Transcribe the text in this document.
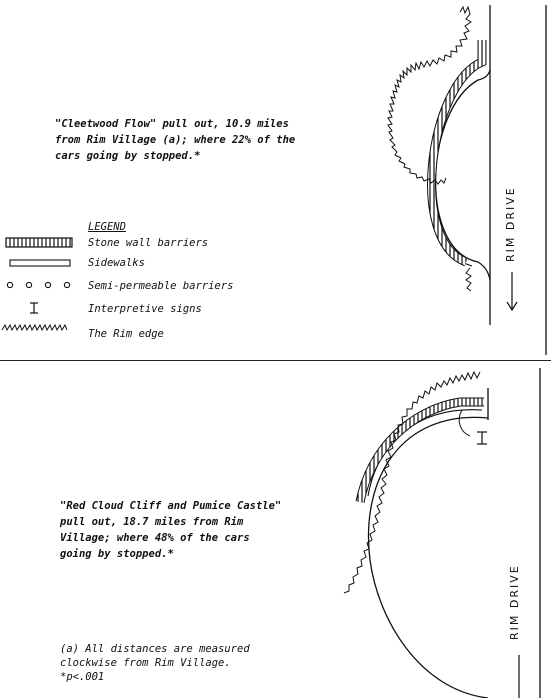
"Cleetwood Flow" pull out, 10.9 miles
from Rim Village (a); where 22% of the
cars going by stopped.*
RIM DRIVE
LEGEND
Stone wall barriers
Sidewalks
Semi-permeable barriers
Interpretive signs
The Rim edge
"Red Cloud Cliff and Pumice Castle"
pull out, 18.7 miles from Rim
Village; where 48% of the cars
going by stopped.*
RIM DRIVE
(a) All distances are measured
clockwise from Rim Village.
*p<.001
